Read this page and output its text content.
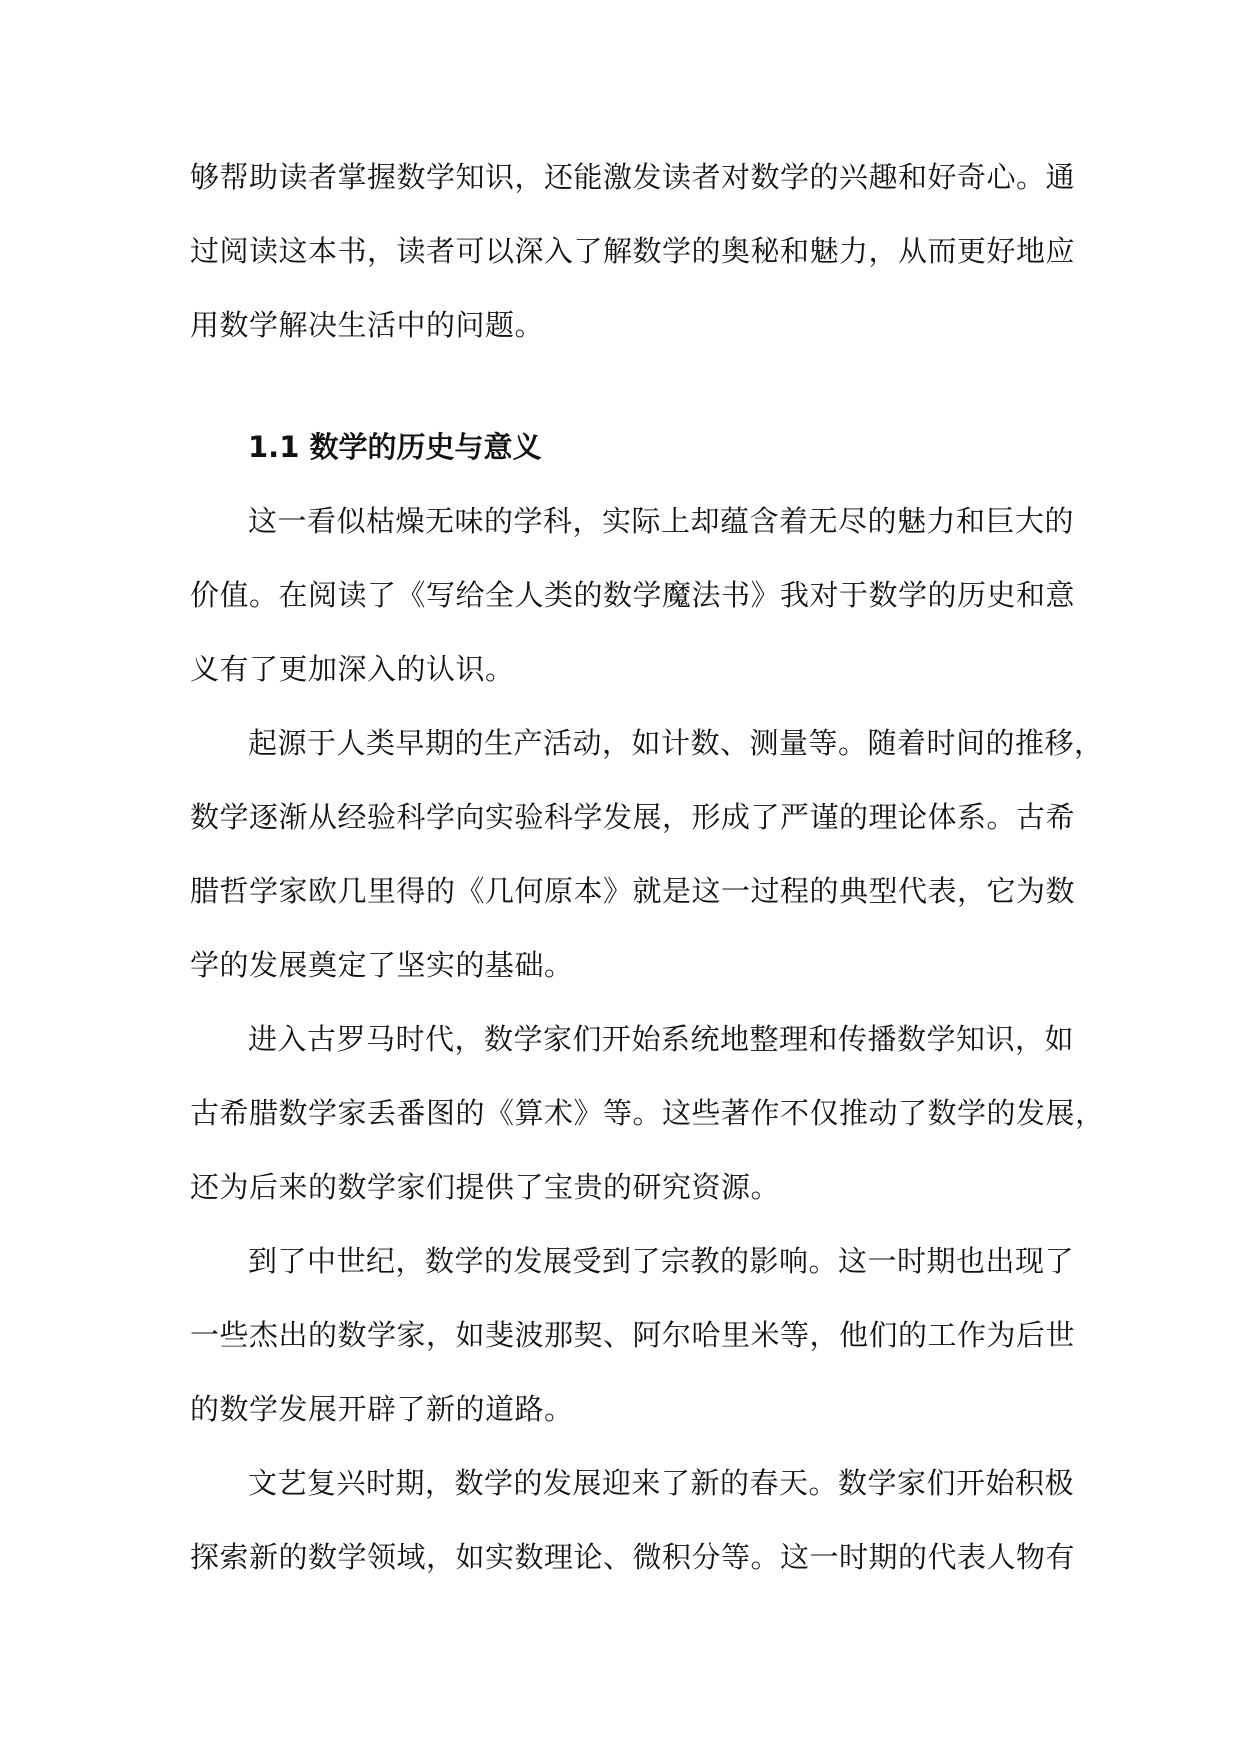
够帮助读者掌握数学知识，还能激发读者对数学的兴趣和好奇心。通
过阅读这本书，读者可以深入了解数学的奥秘和魅力，从而更好地应
用数学解决生活中的问题。
1.1 数学的历史与意义
这一看似枯燥无味的学科，实际上却蕴含着无尽的魅力和巨大的
价值。在阅读了《写给全人类的数学魔法书》我对于数学的历史和意
义有了更加深入的认识。
起源于人类早期的生产活动，如计数、测量等。随着时间的推移，
数学逐渐从经验科学向实验科学发展，形成了严谨的理论体系。古希
腊哲学家欧几里得的《几何原本》就是这一过程的典型代表，它为数
学的发展奠定了坚实的基础。
进入古罗马时代，数学家们开始系统地整理和传播数学知识，如
古希腊数学家丢番图的《算术》等。这些著作不仅推动了数学的发展，
还为后来的数学家们提供了宝贵的研究资源。
到了中世纪，数学的发展受到了宗教的影响。这一时期也出现了
一些杰出的数学家，如斐波那契、阿尔哈里米等，他们的工作为后世
的数学发展开辟了新的道路。
文艺复兴时期，数学的发展迎来了新的春天。数学家们开始积极
探索新的数学领域，如实数理论、微积分等。这一时期的代表人物有
